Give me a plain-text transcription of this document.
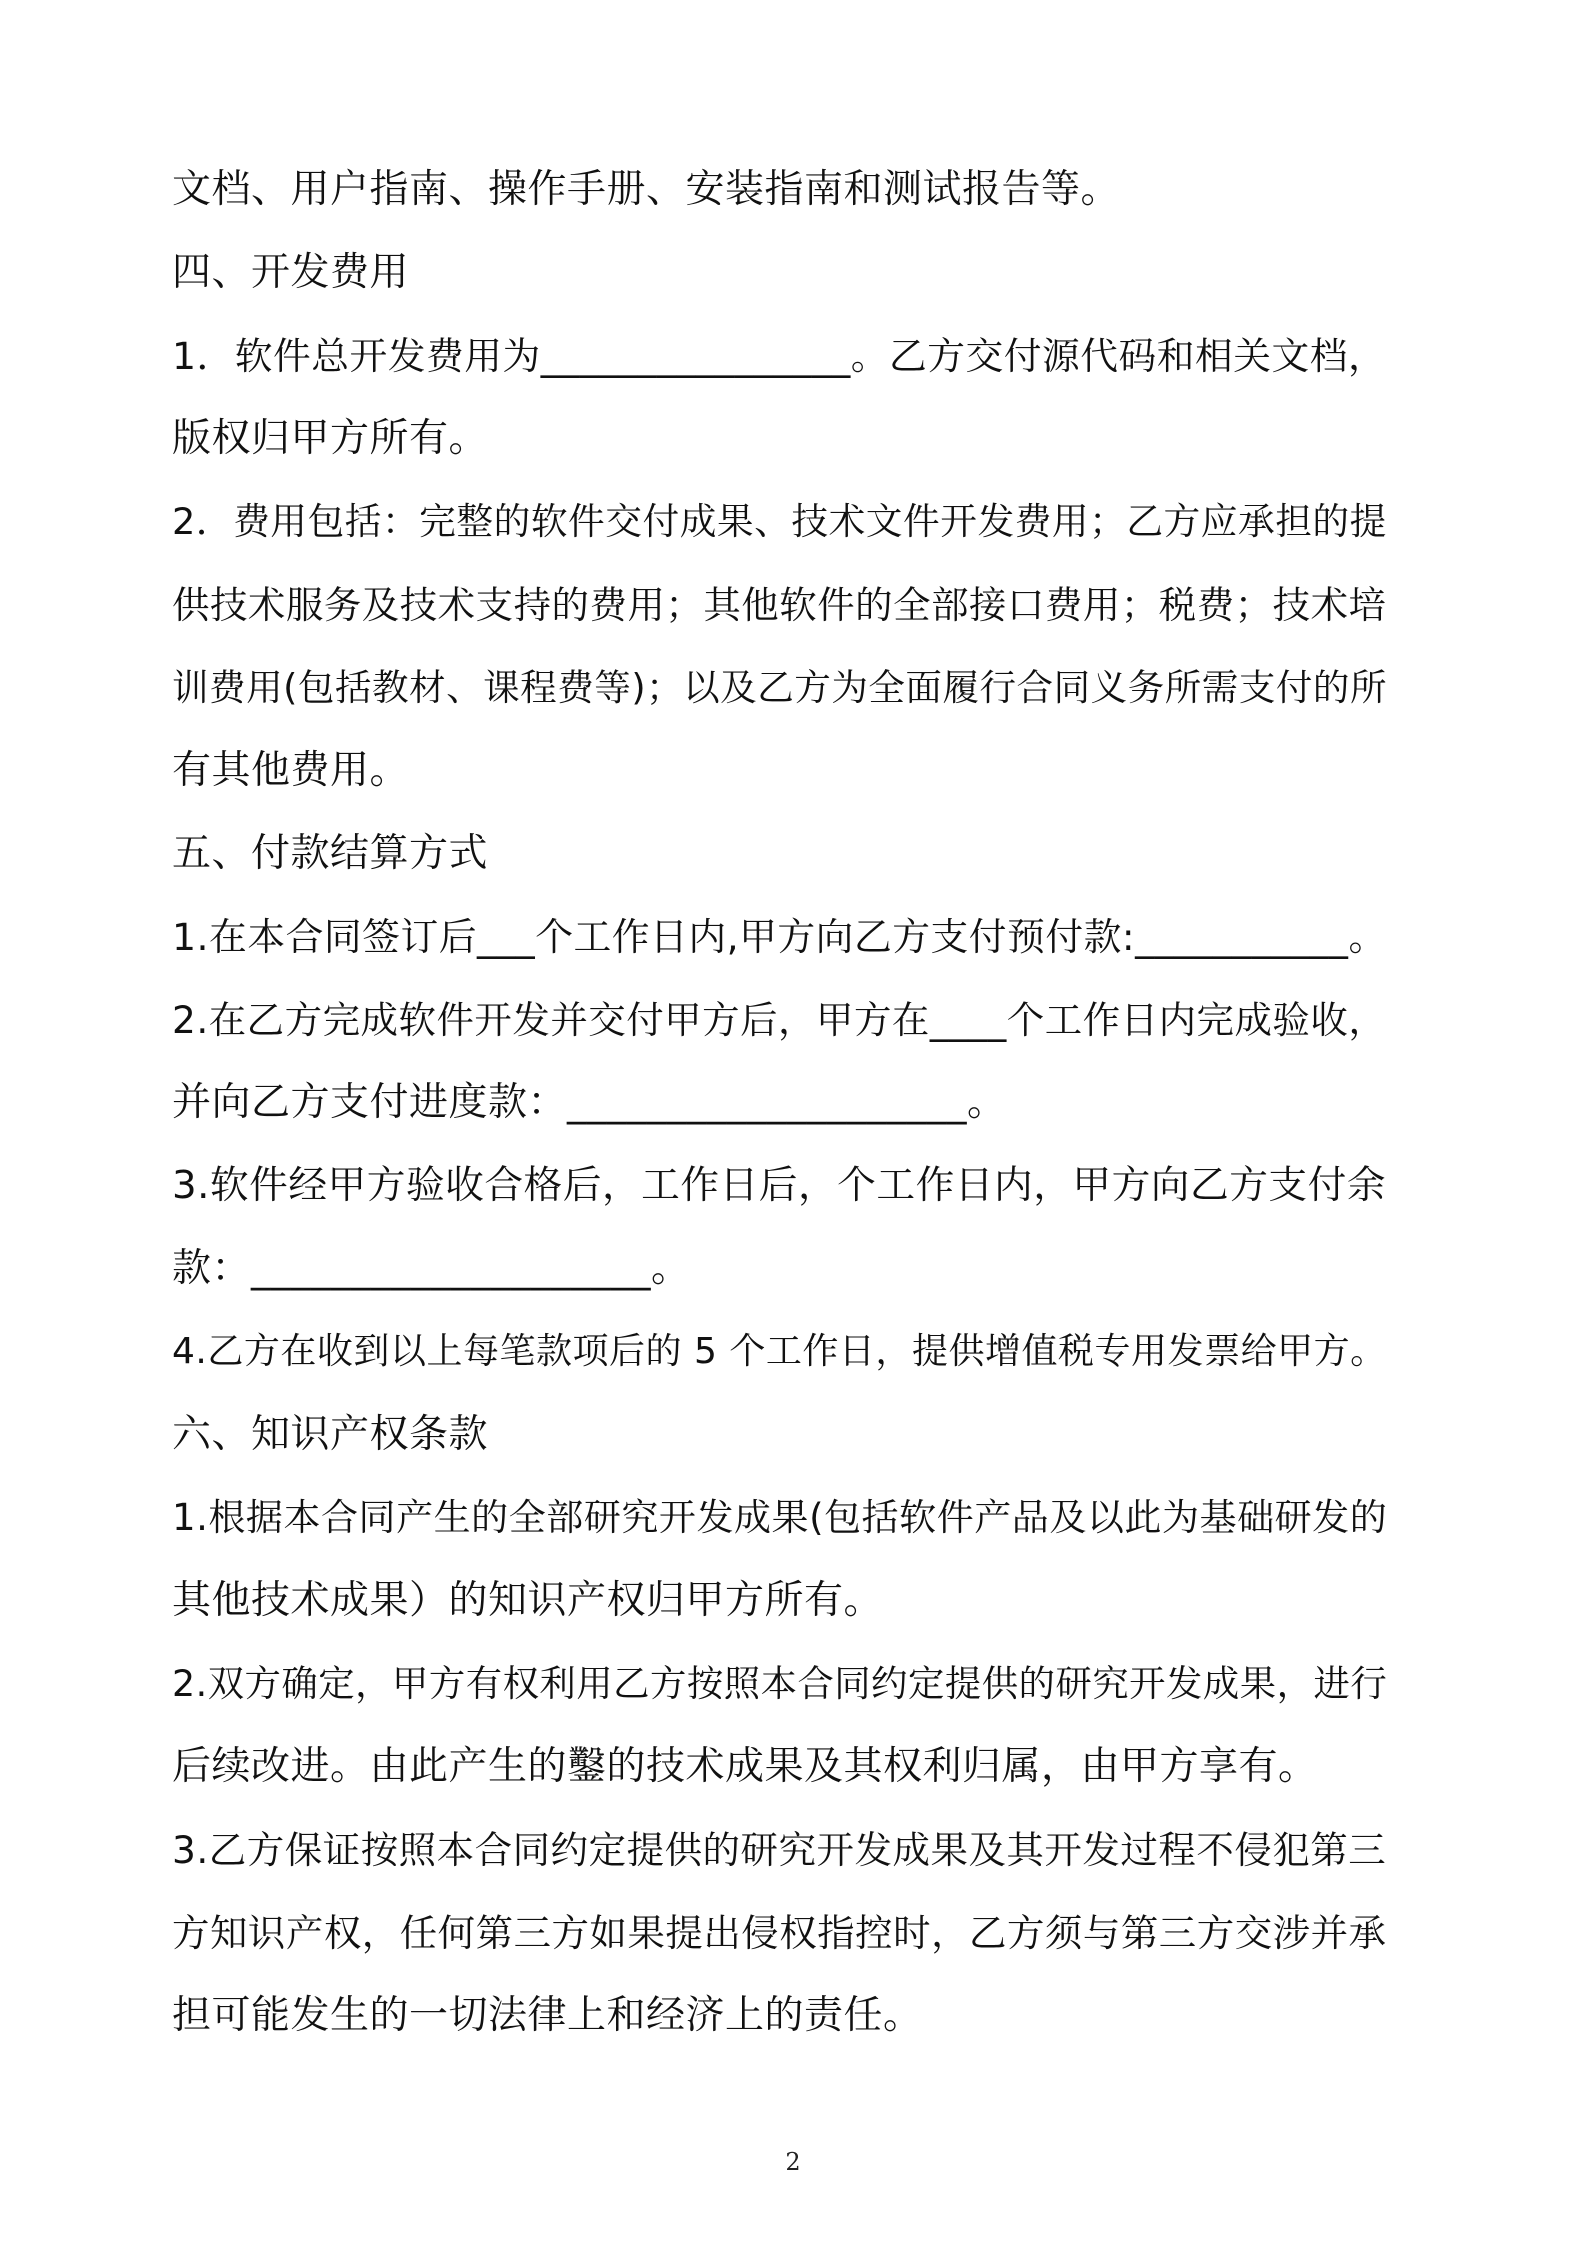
文档、用户指南、操作手册、安装指南和测试报告等。
四、开发费用
1．软件总开发费用为________________。乙方交付源代码和相关文档，
版权归甲方所有。
2．费用包括：完整的软件交付成果、技术文件开发费用；乙方应承担的提
供技术服务及技术支持的费用；其他软件的全部接口费用；税费；技术培
训费用(包括教材、课程费等)；以及乙方为全面履行合同义务所需支付的所
有其他费用。
五、付款结算方式
1.在本合同签订后___个工作日内,甲方向乙方支付预付款:___________。
2.在乙方完成软件开发并交付甲方后，甲方在____个工作日内完成验收，
并向乙方支付进度款：____________________。
3.软件经甲方验收合格后，工作日后，个工作日内，甲方向乙方支付余
款：____________________。
4.乙方在收到以上每笔款项后的 5 个工作日，提供增值税专用发票给甲方。
六、知识产权条款
1.根据本合同产生的全部研究开发成果(包括软件产品及以此为基础研发的
其他技术成果）的知识产权归甲方所有。
2.双方确定，甲方有权利用乙方按照本合同约定提供的研究开发成果，进行
后续改进。由此产生的鑿的技术成果及其权利归属，由甲方享有。
3.乙方保证按照本合同约定提供的研究开发成果及其开发过程不侵犯第三
方知识产权，任何第三方如果提出侵权指控时，乙方须与第三方交涉并承
担可能发生的一切法律上和经济上的责任。
2
